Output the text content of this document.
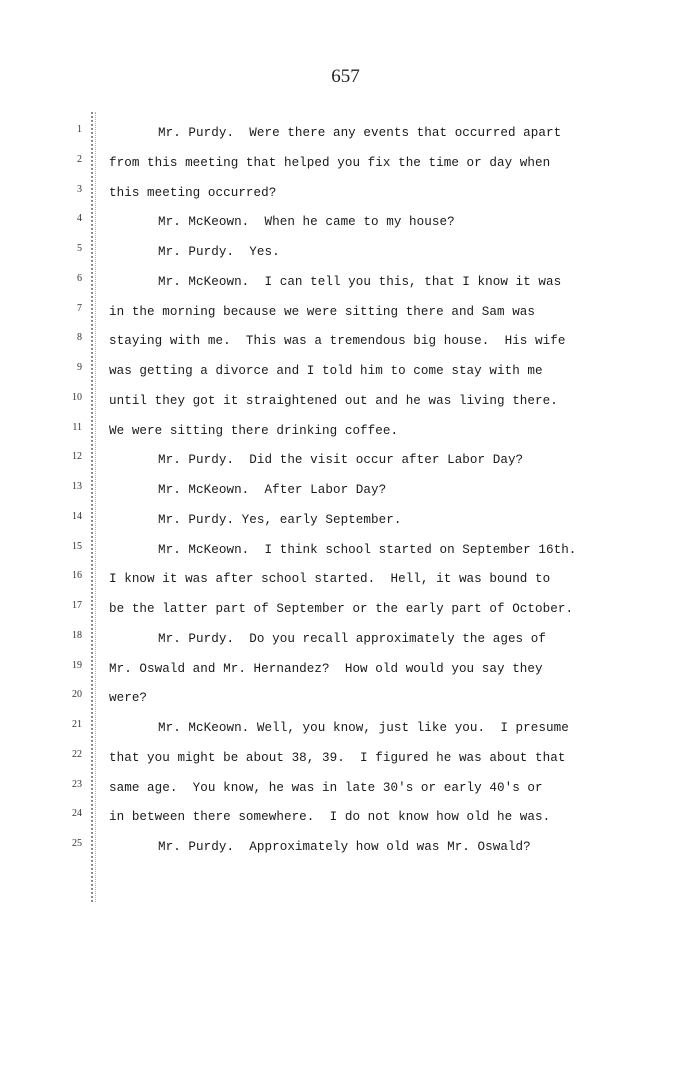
657
1	Mr. Purdy.  Were there any events that occurred apart
2 from this meeting that helped you fix the time or day when
3 this meeting occurred?
4	Mr. McKeown.  When he came to my house?
5	Mr. Purdy.  Yes.
6	Mr. McKeown.  I can tell you this, that I know it was
7 in the morning because we were sitting there and Sam was
8 staying with me.  This was a tremendous big house.  His wife
9 was getting a divorce and I told him to come stay with me
10 until they got it straightened out and he was living there.
11 We were sitting there drinking coffee.
12	Mr. Purdy.  Did the visit occur after Labor Day?
13	Mr. McKeown.  After Labor Day?
14	Mr. Purdy. Yes, early September.
15	Mr. McKeown.  I think school started on September 16th.
16 I know it was after school started.  Hell, it was bound to
17 be the latter part of September or the early part of October.
18	Mr. Purdy.  Do you recall approximately the ages of
19 Mr. Oswald and Mr. Hernandez?  How old would you say they
20 were?
21	Mr. McKeown. Well, you know, just like you.  I presume
22 that you might be about 38, 39.  I figured he was about that
23 same age.  You know, he was in late 30's or early 40's or
24 in between there somewhere.  I do not know how old he was.
25	Mr. Purdy.  Approximately how old was Mr. Oswald?
